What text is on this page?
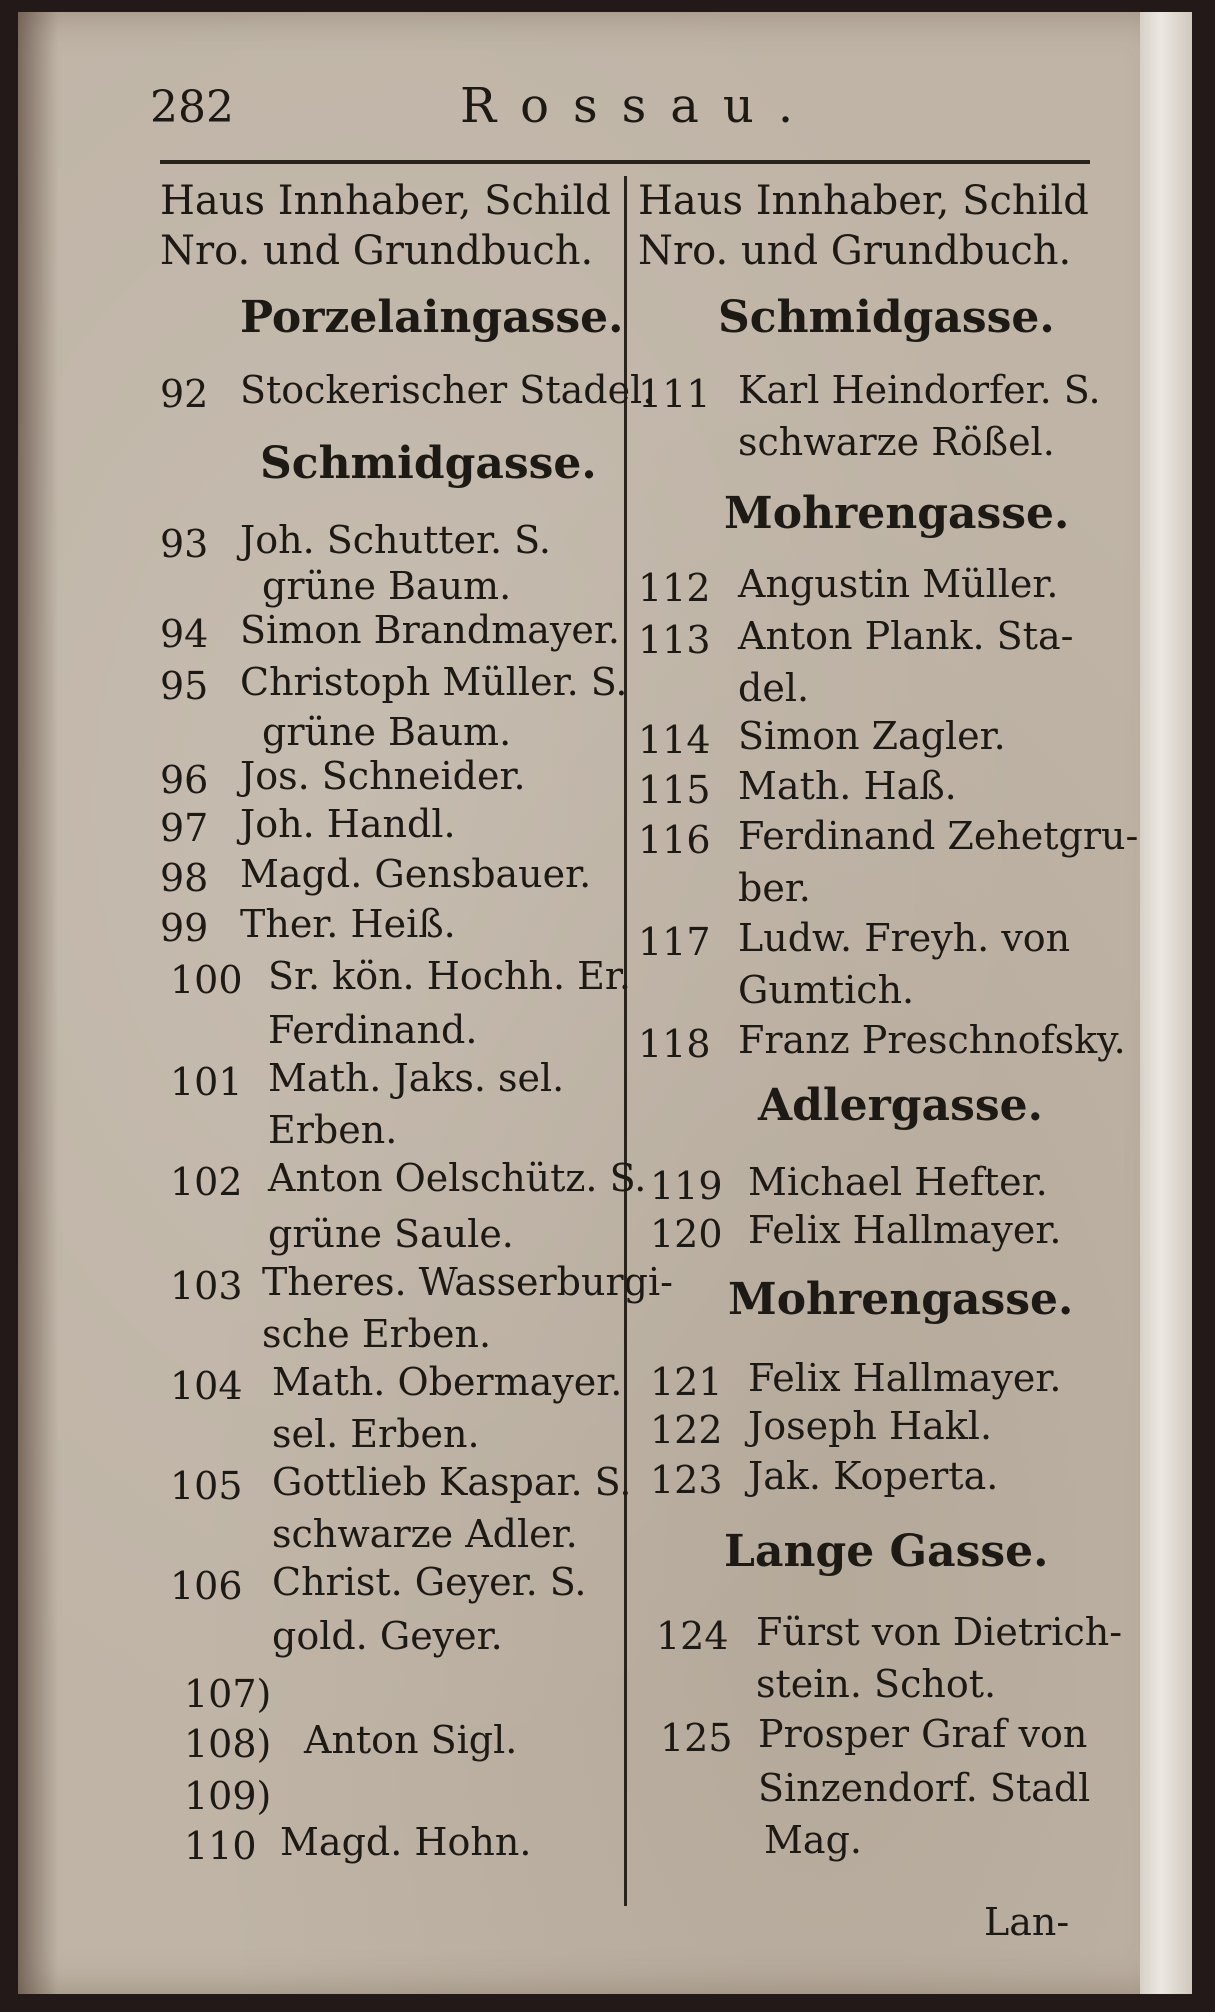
282	Rossau.
Haus Innhaber, Schild
Nro. und Grundbuch.
Haus Innhaber, Schild
Nro. und Grundbuch.
Porzelaingasse.
92 Stockerischer Stadel.
Schmidgasse.
93 Joh. Schutter. S.
grüne Baum.
94 Simon Brandmayer.
95 Christoph Müller. S.
grüne Baum.
96 Jos. Schneider.
97 Joh. Handl.
98 Magd. Gensbauer.
99 Ther. Heiß.
100 Sr. kön. Hochh. Er.
Ferdinand.
101 Math. Jaks. sel.
Erben.
102 Anton Oelschütz. S.
grüne Saule.
103 Theres. Wasserburgi-
sche Erben.
104 Math. Obermayer.
sel. Erben.
105 Gottlieb Kaspar. S.
schwarze Adler.
106 Christ. Geyer. S.
gold. Geyer.
107)
108) Anton Sigl.
109)
110 Magd. Hohn.
Schmidgasse.
111 Karl Heindorfer. S.
schwarze Rößel.
Mohrengasse.
112 Angustin Müller.
113 Anton Plank. Sta-
del.
114 Simon Zagler.
115 Math. Haß.
116 Ferdinand Zehetgru-
ber.
117 Ludw. Freyh. von
Gumtich.
118 Franz Preschnofsky.
Adlergasse.
119 Michael Hefter.
120 Felix Hallmayer.
Mohrengasse.
121 Felix Hallmayer.
122 Joseph Hakl.
123 Jak. Koperta.
Lange Gasse.
124 Fürst von Dietrich-
stein. Schot.
125 Prosper Graf von
Sinzendorf. Stadl
Mag.
Lan-
